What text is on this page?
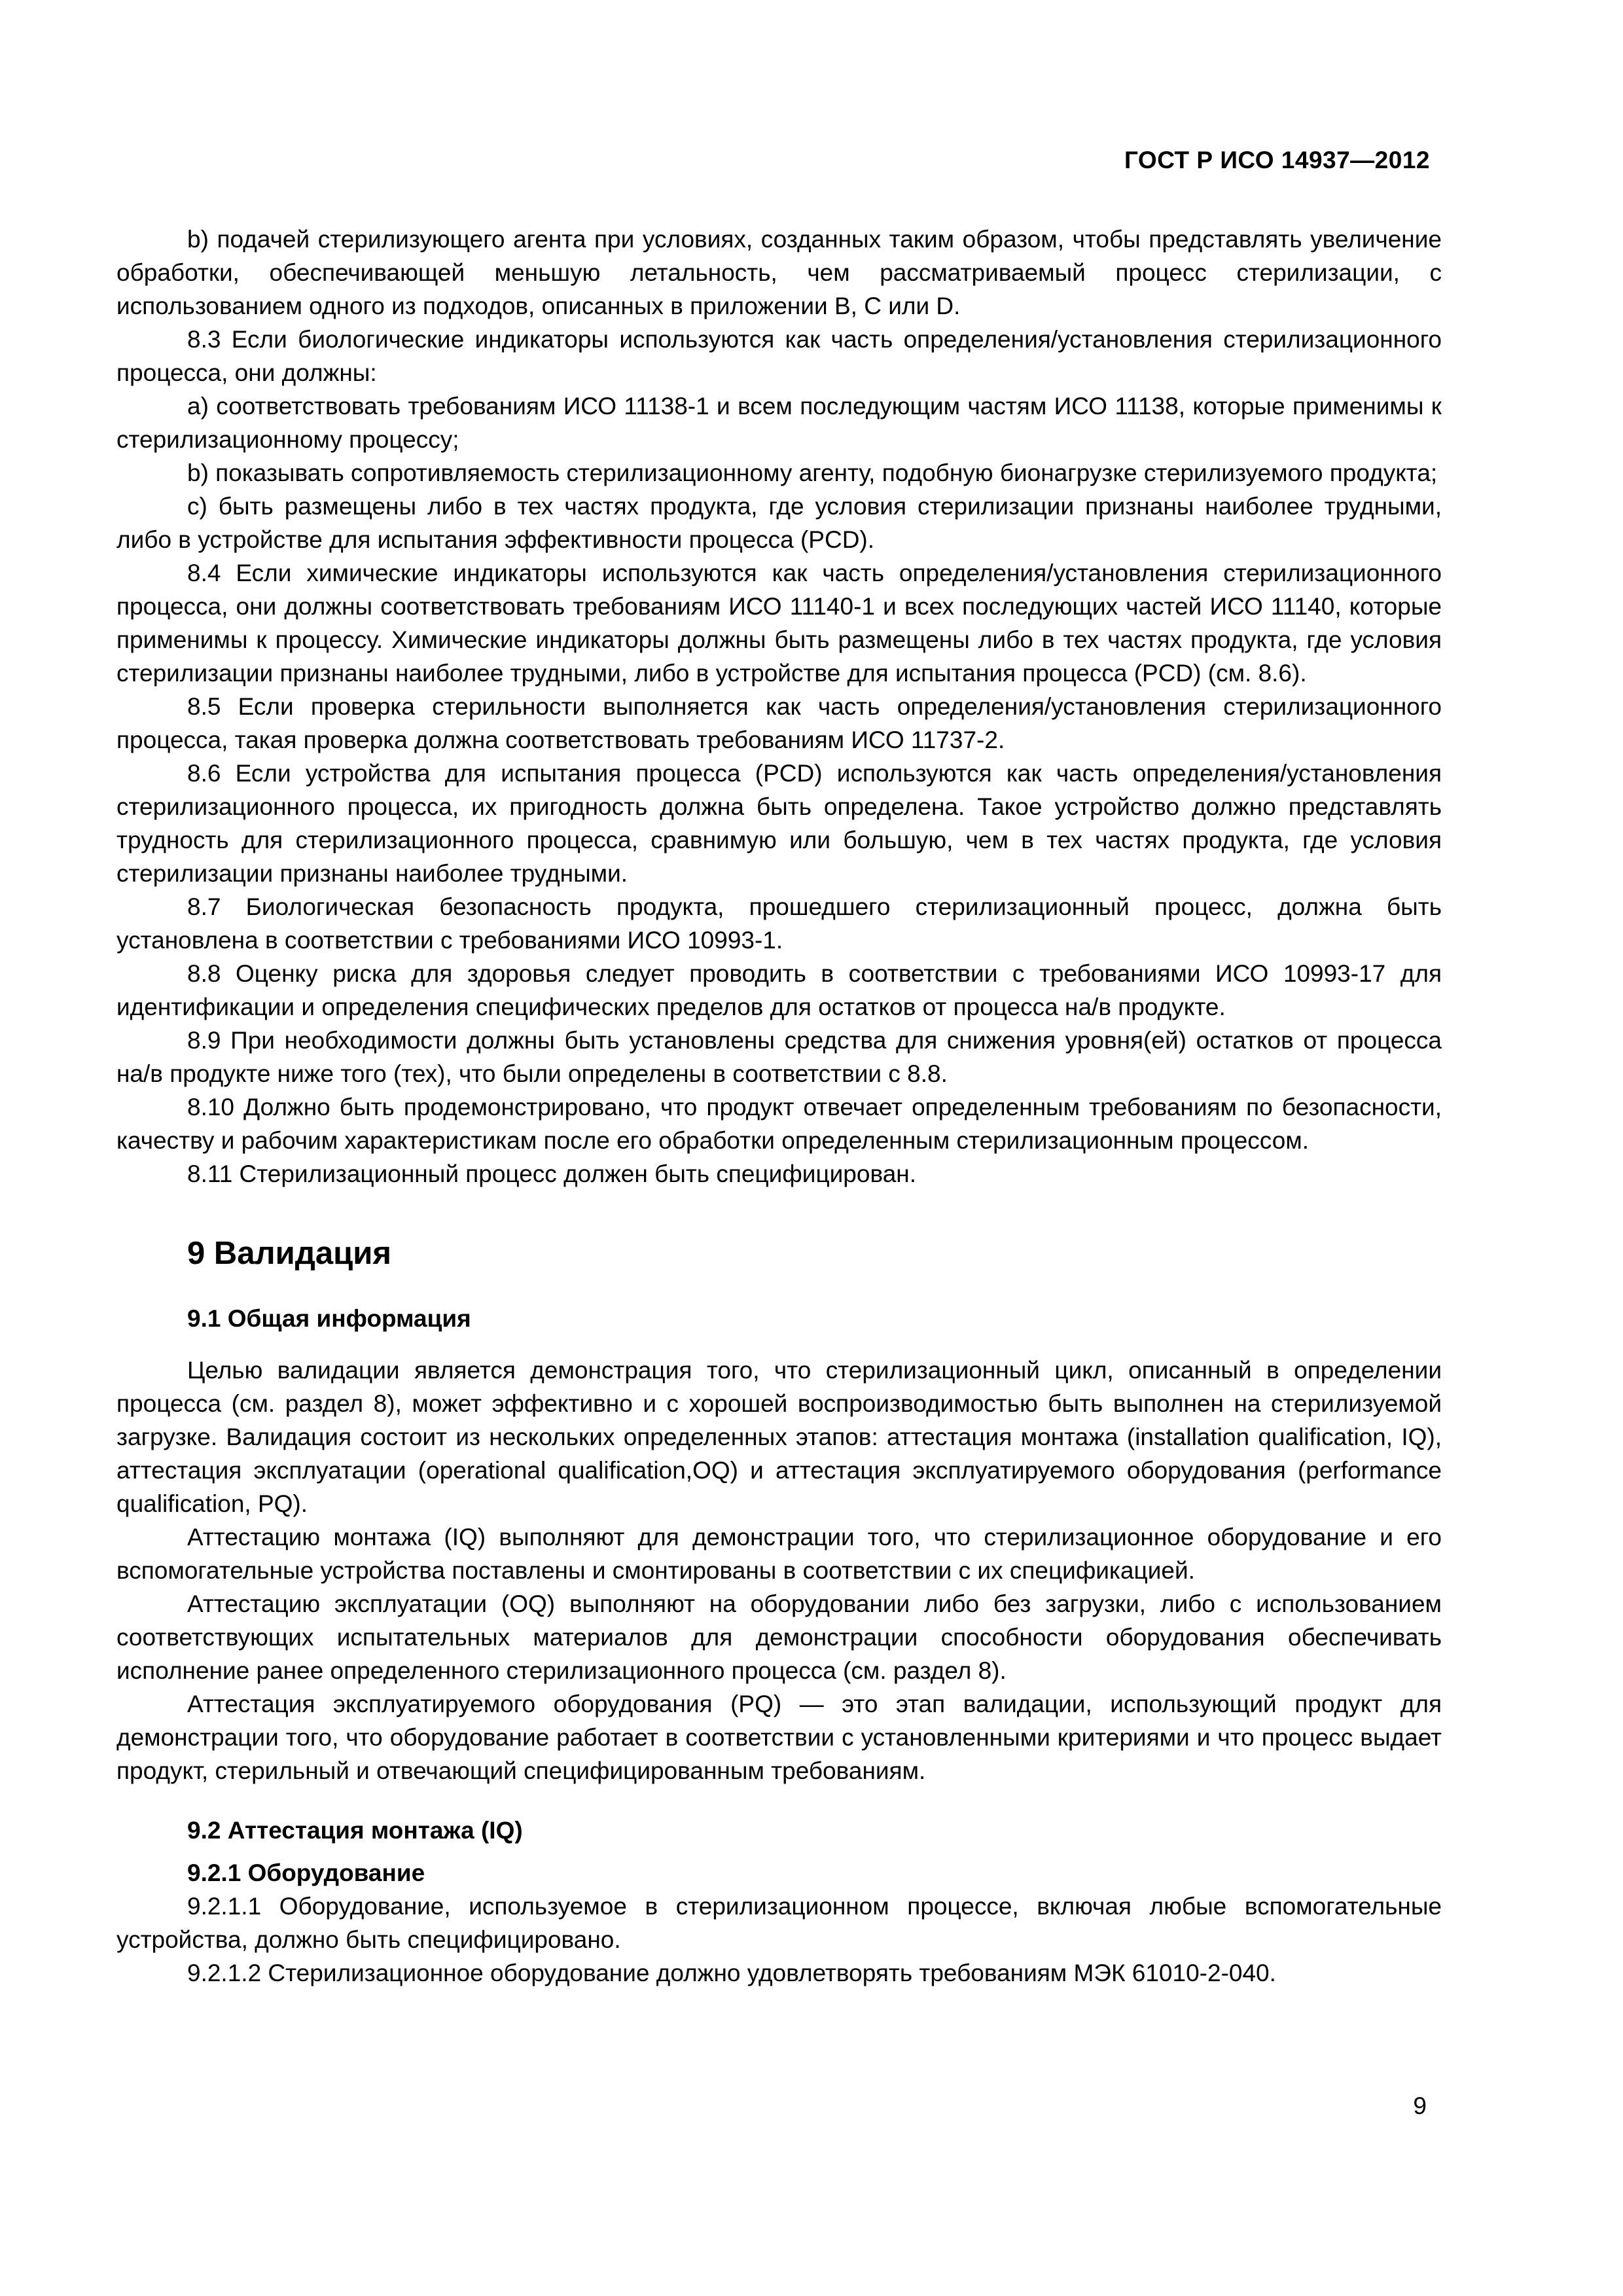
ГОСТ Р ИСО 14937—2012

b) подачей стерилизующего агента при условиях, созданных таким образом, чтобы представлять увеличение обработки, обеспечивающей меньшую летальность, чем рассматриваемый процесс стерилизации, с использованием одного из подходов, описанных в приложении B, C или D.

8.3 Если биологические индикаторы используются как часть определения/установления стерилизационного процесса, они должны:

a) соответствовать требованиям ИСО 11138-1 и всем последующим частям ИСО 11138, которые применимы к стерилизационному процессу;

b) показывать сопротивляемость стерилизационному агенту, подобную бионагрузке стерилизуемого продукта;

c) быть размещены либо в тех частях продукта, где условия стерилизации признаны наиболее трудными, либо в устройстве для испытания эффективности процесса (PCD).

8.4 Если химические индикаторы используются как часть определения/установления стерилизационного процесса, они должны соответствовать требованиям ИСО 11140-1 и всех последующих частей ИСО 11140, которые применимы к процессу. Химические индикаторы должны быть размещены либо в тех частях продукта, где условия стерилизации признаны наиболее трудными, либо в устройстве для испытания процесса (PCD) (см. 8.6).

8.5 Если проверка стерильности выполняется как часть определения/установления стерилизационного процесса, такая проверка должна соответствовать требованиям ИСО 11737-2.

8.6 Если устройства для испытания процесса (PCD) используются как часть определения/установления стерилизационного процесса, их пригодность должна быть определена. Такое устройство должно представлять трудность для стерилизационного процесса, сравнимую или большую, чем в тех частях продукта, где условия стерилизации признаны наиболее трудными.

8.7 Биологическая безопасность продукта, прошедшего стерилизационный процесс, должна быть установлена в соответствии с требованиями ИСО 10993-1.

8.8 Оценку риска для здоровья следует проводить в соответствии с требованиями ИСО 10993-17 для идентификации и определения специфических пределов для остатков от процесса на/в продукте.

8.9 При необходимости должны быть установлены средства для снижения уровня(ей) остатков от процесса на/в продукте ниже того (тех), что были определены в соответствии с 8.8.

8.10 Должно быть продемонстрировано, что продукт отвечает определенным требованиям по безопасности, качеству и рабочим характеристикам после его обработки определенным стерилизационным процессом.

8.11 Стерилизационный процесс должен быть специфицирован.

9 Валидация
9.1 Общая информация

Целью валидации является демонстрация того, что стерилизационный цикл, описанный в определении процесса (см. раздел 8), может эффективно и с хорошей воспроизводимостью быть выполнен на стерилизуемой загрузке. Валидация состоит из нескольких определенных этапов: аттестация монтажа (installation qualification, IQ), аттестация эксплуатации (operational qualification,OQ) и аттестация эксплуатируемого оборудования (performance qualification, PQ).

Аттестацию монтажа (IQ) выполняют для демонстрации того, что стерилизационное оборудование и его вспомогательные устройства поставлены и смонтированы в соответствии с их спецификацией.

Аттестацию эксплуатации (OQ) выполняют на оборудовании либо без загрузки, либо с использованием соответствующих испытательных материалов для демонстрации способности оборудования обеспечивать исполнение ранее определенного стерилизационного процесса (см. раздел 8).

Аттестация эксплуатируемого оборудования (PQ) — это этап валидации, использующий продукт для демонстрации того, что оборудование работает в соответствии с установленными критериями и что процесс выдает продукт, стерильный и отвечающий специфицированным требованиям.

9.2 Аттестация монтажа (IQ)
9.2.1 Оборудование

9.2.1.1 Оборудование, используемое в стерилизационном процессе, включая любые вспомогательные устройства, должно быть специфицировано.

9.2.1.2 Стерилизационное оборудование должно удовлетворять требованиям МЭК 61010-2-040.

9
